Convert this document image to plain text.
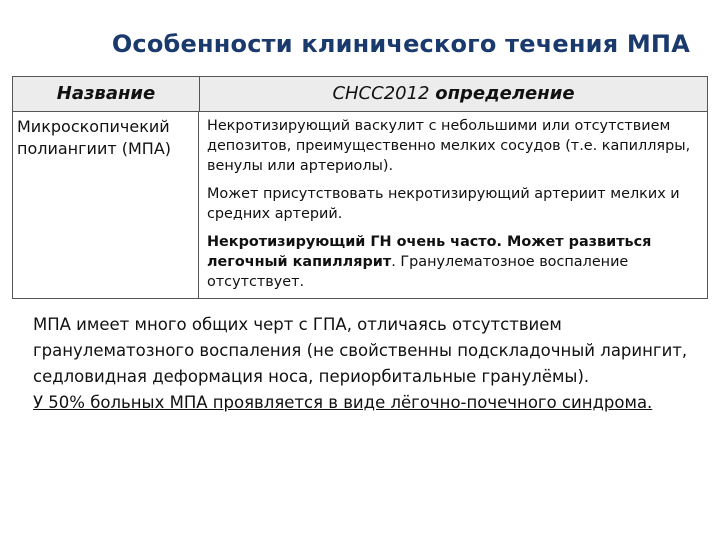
Особенности клинического течения МПА
Название	CHCC2012 определение
Микроскопичекий
полиангиит (МПА)

Некротизирующий васкулит с небольшими или отсутствием депозитов, преимущественно мелких сосудов (т.е. капилляры, венулы или артериолы).

Может присутствовать некротизирующий артериит мелких и средних артерий.

Некротизирующий ГН очень часто. Может развиться легочный капиллярит. Гранулематозное воспаление отсутствует.

МПА имеет много общих черт с ГПА, отличаясь отсутствием гранулематозного воспаления (не свойственны подскладочный ларингит, седловидная деформация носа, периорбитальные гранулёмы).

У 50% больных МПА проявляется в виде лёгочно-почечного синдрома.
